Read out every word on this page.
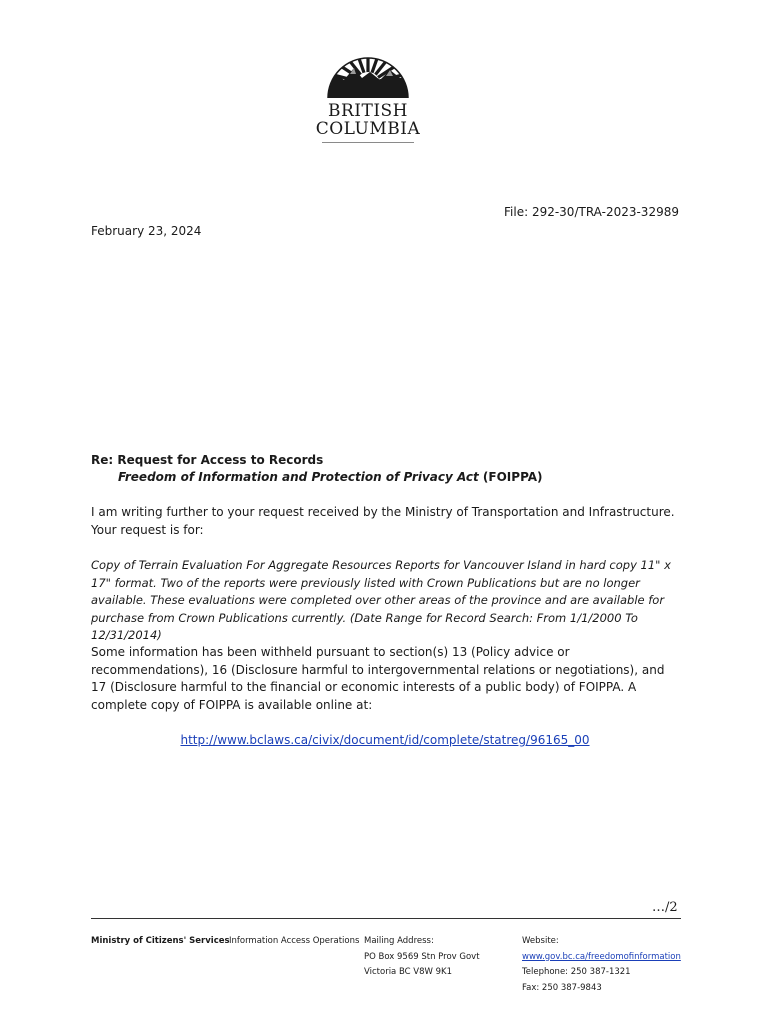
BRITISH
COLUMBIA
File: 292-30/TRA-2023-32989
February 23, 2024
Re: Request for Access to Records
Freedom of Information and Protection of Privacy Act (FOIPPA)

I am writing further to your request received by the Ministry of Transportation and Infrastructure. Your request is for:

Copy of Terrain Evaluation For Aggregate Resources Reports for Vancouver Island in hard copy 11" x 17" format. Two of the reports were previously listed with Crown Publications but are no longer available. These evaluations were completed over other areas of the province and are available for purchase from Crown Publications currently. (Date Range for Record Search: From 1/1/2000 To 12/31/2014)

Some information has been withheld pursuant to section(s) 13 (Policy advice or recommendations), 16 (Disclosure harmful to intergovernmental relations or negotiations), and 17 (Disclosure harmful to the financial or economic interests of a public body) of FOIPPA. A complete copy of FOIPPA is available online at:

http://www.bclaws.ca/civix/document/id/complete/statreg/96165_00
…/2
Ministry of Citizens' Services Information Access Operations Mailing Address:
PO Box 9569 Stn Prov Govt
Victoria BC V8W 9K1
Website:
www.gov.bc.ca/freedomofinformation
Telephone: 250 387-1321
Fax: 250 387-9843
